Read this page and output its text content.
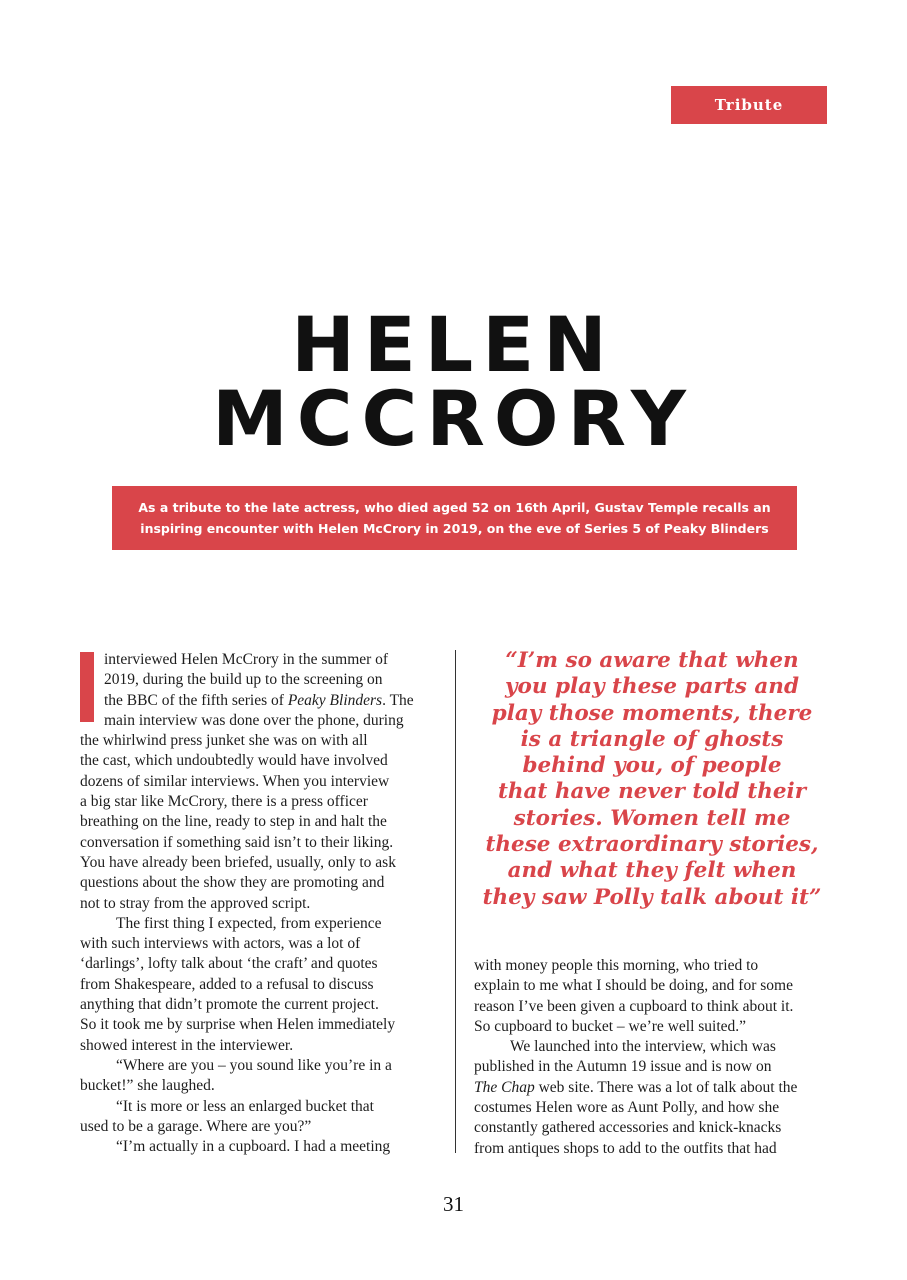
Tribute
HELEN
MCCRORY
As a tribute to the late actress, who died aged 52 on 16th April, Gustav Temple recalls an
inspiring encounter with Helen McCrory in 2019, on the eve of Series 5 of Peaky Blinders
interviewed Helen McCrory in the summer of
2019, during the build up to the screening on
the BBC of the fifth series of Peaky Blinders. The
main interview was done over the phone, during
the whirlwind press junket she was on with all
the cast, which undoubtedly would have involved
dozens of similar interviews. When you interview
a big star like McCrory, there is a press officer
breathing on the line, ready to step in and halt the
conversation if something said isn’t to their liking.
You have already been briefed, usually, only to ask
questions about the show they are promoting and
not to stray from the approved script.
The first thing I expected, from experience
with such interviews with actors, was a lot of
‘darlings’, lofty talk about ‘the craft’ and quotes
from Shakespeare, added to a refusal to discuss
anything that didn’t promote the current project.
So it took me by surprise when Helen immediately
showed interest in the interviewer.
“Where are you – you sound like you’re in a
bucket!” she laughed.
“It is more or less an enlarged bucket that
used to be a garage. Where are you?”
“I’m actually in a cupboard. I had a meeting
“I’m so aware that when
you play these parts and
play those moments, there
is a triangle of ghosts
behind you, of people
that have never told their
stories. Women tell me
these extraordinary stories,
and what they felt when
they saw Polly talk about it”
with money people this morning, who tried to
explain to me what I should be doing, and for some
reason I’ve been given a cupboard to think about it.
So cupboard to bucket – we’re well suited.”
We launched into the interview, which was
published in the Autumn 19 issue and is now on
The Chap web site. There was a lot of talk about the
costumes Helen wore as Aunt Polly, and how she
constantly gathered accessories and knick-knacks
from antiques shops to add to the outfits that had
31
